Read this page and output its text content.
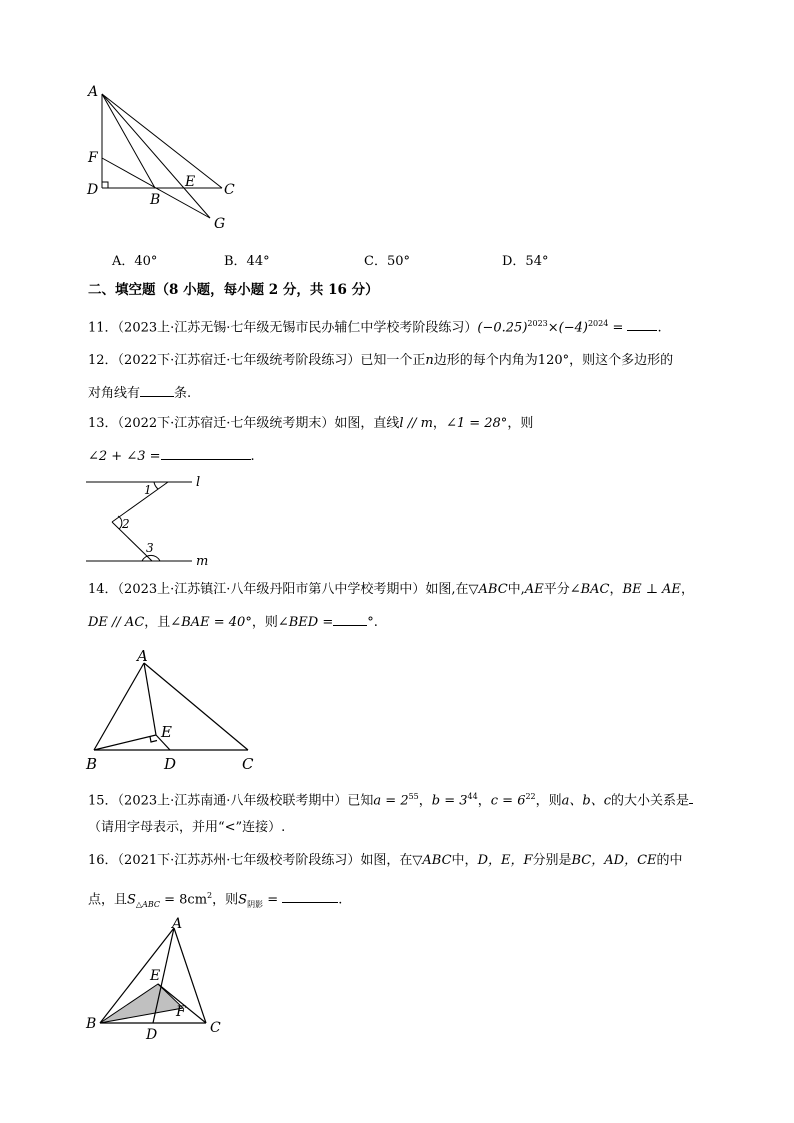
A
F
D
B
E C
G
A．40°	B．44°	C．50°	D．54°
二、填空题（8 小题，每小题 2 分，共 16 分）
11．（2023上·江苏无锡·七年级无锡市民办辅仁中学校考阶段练习）$(-0.25)^{2023}\times(-4)^{2024}$ = .
12．（2022下·江苏宿迁·七年级统考阶段练习）已知一个正n边形的每个内角为120°，则这个多边形的
对角线有	条.
13．（2022下·江苏宿迁·七年级统考期末）如图，直线l // m，∠1 = 28°，则
∠2 + ∠3 =	.
l
m
1
2
3
14．（2023上·江苏镇江·八年级丹阳市第八中学校考期中）如图,在▽ABC中,AE平分∠BAC，BE ⊥ AE，
DE // AC，且∠BAE = 40°，则∠BED =	°.
A
E
B	D	C
15．（2023上·江苏南通·八年级校联考期中）已知$a = 2^{55}$，$b = 3^{44}$，$c = 6^{22}$，则a、b、c的大小关系是
（请用字母表示，并用“<”连接）.
16．（2021下·江苏苏州·七年级校考阶段练习）如图，在▽ABC中，D，E，F分别是BC，AD，CE的中
点，且$S_{\triangle ABC} = 8cm^2$，则$S_{阴影}$ =	.
A
E
F
B
D	C
